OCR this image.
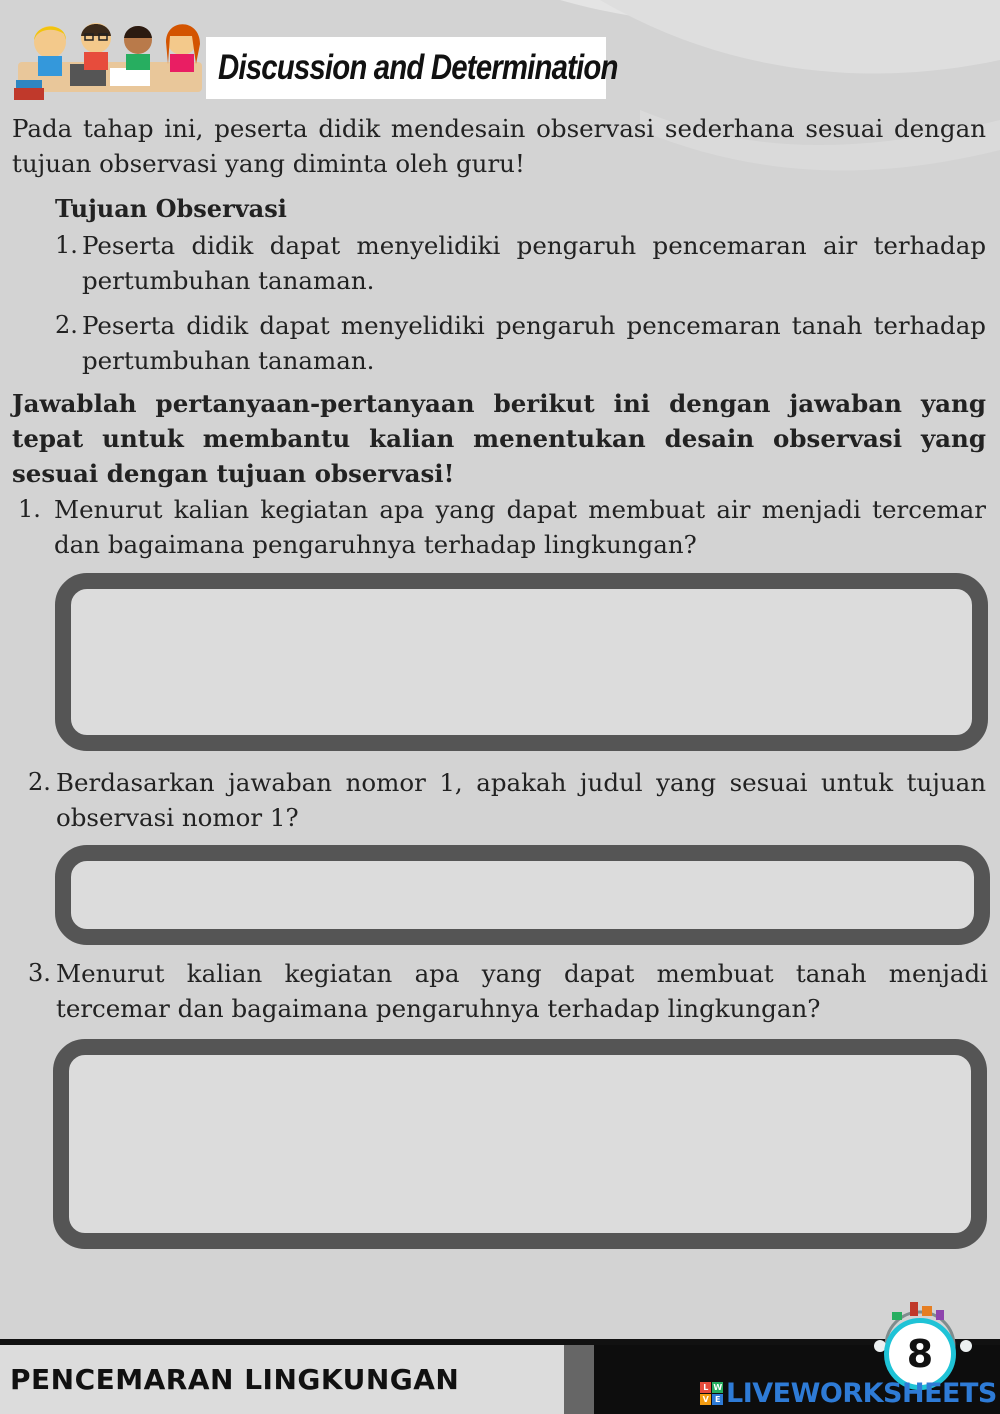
Discussion and Determination
Pada tahap ini, peserta didik mendesain observasi sederhana sesuai dengan tujuan observasi yang diminta oleh guru!
Tujuan Observasi
1. Peserta didik dapat menyelidiki pengaruh pencemaran air terhadap pertumbuhan tanaman.
2. Peserta didik dapat menyelidiki pengaruh pencemaran tanah terhadap pertumbuhan tanaman.
Jawablah pertanyaan-pertanyaan berikut ini dengan jawaban yang tepat untuk membantu kalian menentukan desain observasi yang sesuai dengan tujuan observasi!
1. Menurut kalian kegiatan apa yang dapat membuat air menjadi tercemar dan bagaimana pengaruhnya terhadap lingkungan?
2. Berdasarkan jawaban nomor 1, apakah judul yang sesuai untuk tujuan observasi nomor 1?
3. Menurut kalian kegiatan apa yang dapat membuat tanah menjadi tercemar dan bagaimana pengaruhnya terhadap lingkungan?
PENCEMARAN LINGKUNGAN
8
L W
V E LIVEWORKSHEETS
